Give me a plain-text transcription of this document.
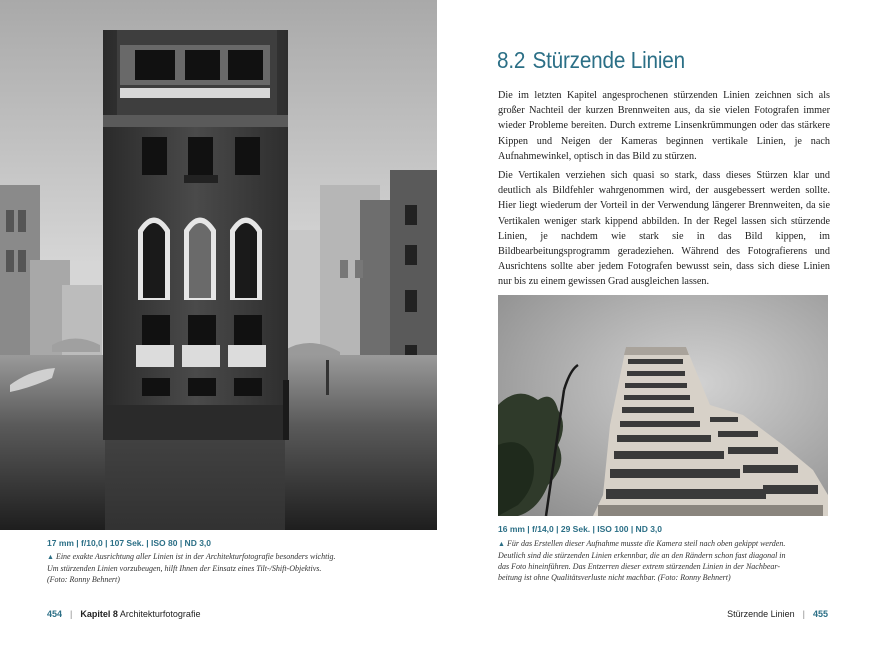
17 mm | f/10,0 | 107 Sek. | ISO 80 | ND 3,0
▲ Eine exakte Ausrichtung aller Linien ist in der Architekturfotografie besonders wichtig.
Um stürzenden Linien vorzubeugen, hilft Ihnen der Einsatz eines Tilt-/Shift-Objektivs.
(Foto: Ronny Behnert)
454 | Kapitel 8 Architekturfotografie
8.2 Stürzende Linien

Die im letzten Kapitel angesprochenen stürzenden Linien zeichnen sich als großer Nachteil der kurzen Brennweiten aus, da sie vielen Fotografen immer wieder Probleme bereiten. Durch extreme Linsenkrümmungen oder das stärkere Kippen und Neigen der Kameras beginnen vertikale Linien, je nach Aufnahmewinkel, optisch in das Bild zu stürzen.

Die Vertikalen verziehen sich quasi so stark, dass dieses Stürzen klar und deutlich als Bildfehler wahrgenommen wird, der ausgebessert werden sollte. Hier liegt wiederum der Vorteil in der Verwendung längerer Brennweiten, da sie Vertikalen weniger stark kippend abbilden. In der Regel lassen sich stürzende Linien, je nachdem wie stark sie in das Bild kippen, im Bildbearbeitungsprogramm geradeziehen. Während des Fotografierens und Ausrichtens sollte aber jedem Fotografen bewusst sein, dass sich diese Linien nur bis zu einem gewissen Grad ausgleichen lassen.

16 mm | f/14,0 | 29 Sek. | ISO 100 | ND 3,0
▲ Für das Erstellen dieser Aufnahme musste die Kamera steil nach oben gekippt werden.
Deutlich sind die stürzenden Linien erkennbar, die an den Rändern schon fast diagonal in
das Foto hineinführen. Das Entzerren dieser extrem stürzenden Linien in der Nachbear-
beitung ist ohne Qualitätsverluste nicht machbar. (Foto: Ronny Behnert)
Stürzende Linien | 455
